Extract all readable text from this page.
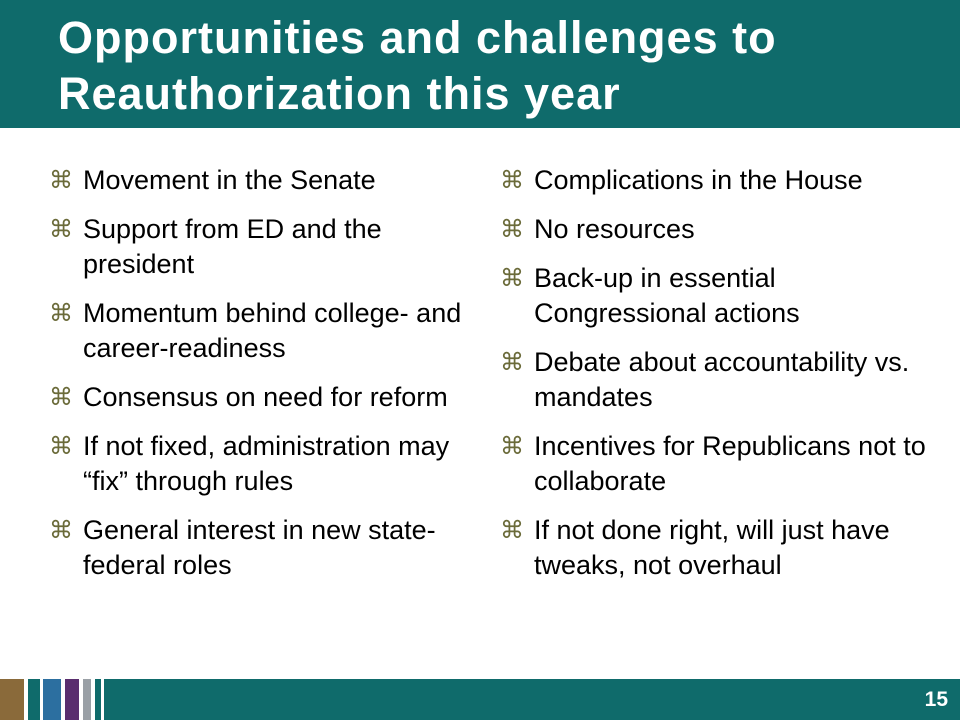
Opportunities and challenges to Reauthorization this year
⌘ Movement in the Senate
⌘ Support from ED and the president
⌘ Momentum behind college- and career-readiness
⌘ Consensus on need for reform
⌘ If not fixed, administration may “fix” through rules
⌘ General interest in new state-federal roles
⌘ Complications in the House
⌘ No resources
⌘ Back-up in essential Congressional actions
⌘ Debate about accountability vs. mandates
⌘ Incentives for Republicans not to collaborate
⌘ If not done right, will just have tweaks, not overhaul
15
